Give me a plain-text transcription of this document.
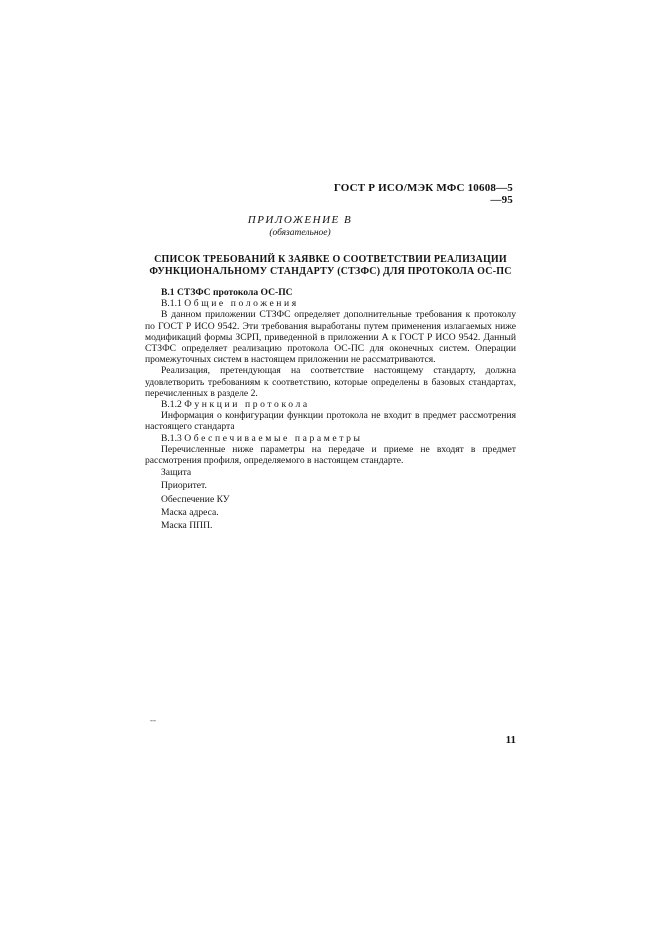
ГОСТ Р ИСО/МЭК МФС 10608—5—95
ПРИЛОЖЕНИЕ В
(обязательное)
СПИСОК ТРЕБОВАНИЙ К ЗАЯВКЕ О СООТВЕТСТВИИ РЕАЛИЗАЦИИ
ФУНКЦИОНАЛЬНОМУ СТАНДАРТУ (СТЗФС) ДЛЯ ПРОТОКОЛА ОС-ПС
В.1 СТЗФС протокола ОС-ПС
В.1.1 Общие положения

В данном приложении СТЗФС определяет дополнительные требования к протоколу по ГОСТ Р ИСО 9542. Эти требования выработаны путем применения излагаемых ниже модификаций формы ЗСРП, приведенной в приложении А к ГОСТ Р ИСО 9542. Данный СТЗФС определяет реализацию протокола ОС-ПС для оконечных систем. Операции промежуточных систем в настоящем приложении не рассматриваются.

Реализация, претендующая на соответствие настоящему стандарту, должна удовлетворить требованиям к соответствию, которые определены в базовых стандартах, перечисленных в разделе 2.

В.1.2 Функции протокола

Информация о конфигурации функции протокола не входит в предмет рассмотрения настоящего стандарта

В.1.3 Обеспечиваемые параметры

Перечисленные ниже параметры на передаче и приеме не входят в предмет рассмотрения профиля, определяемого в настоящем стандарте.

Защита
Приоритет.
Обеспечение КУ
Маска адреса.
Маска ППП.
--
11
